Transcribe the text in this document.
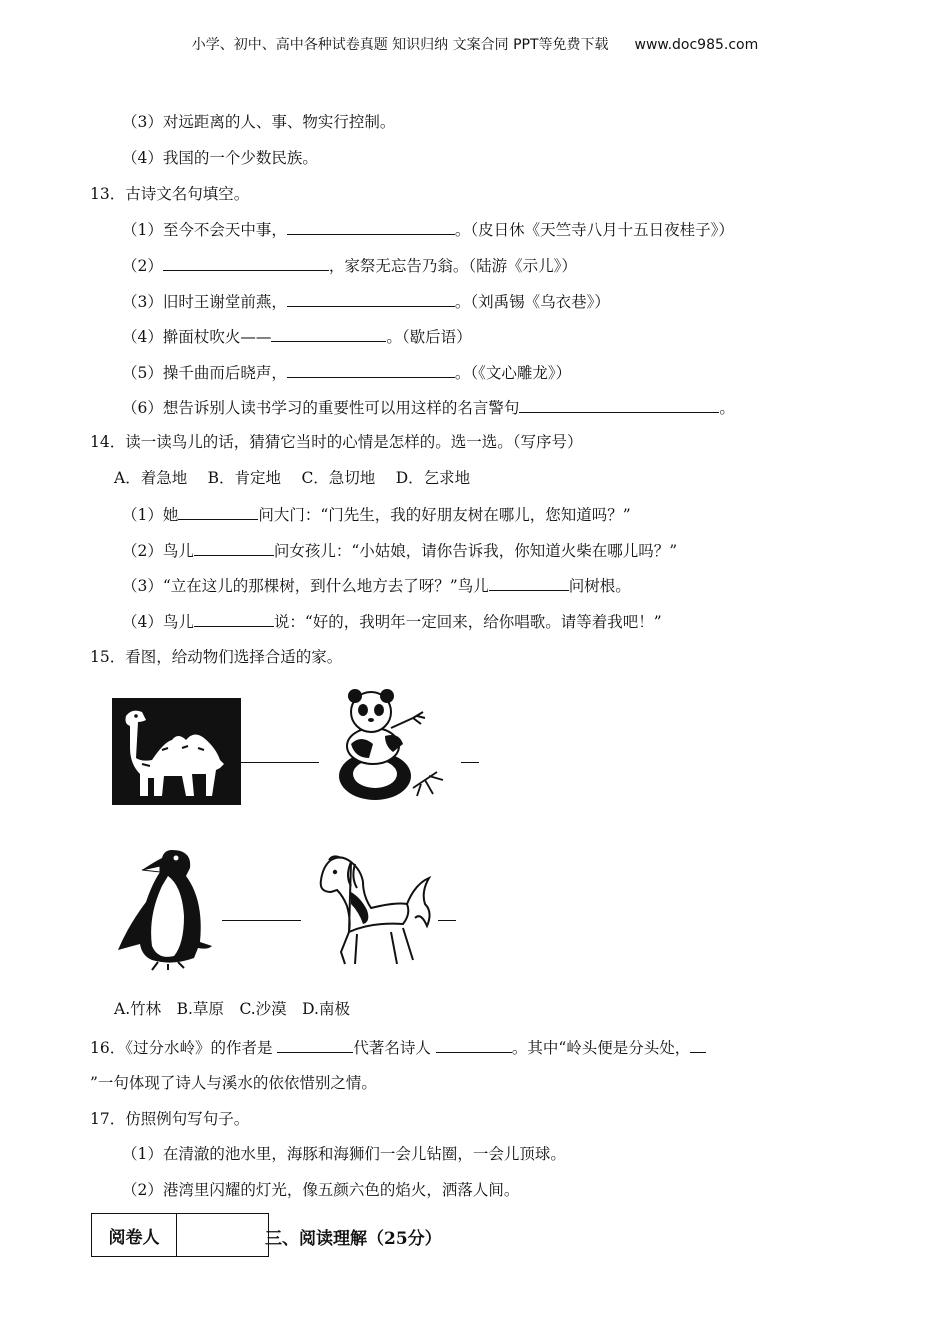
小学、初中、高中各种试卷真题 知识归纳 文案合同 PPT等免费下载 www.doc985.com
（3）对远距离的人、事、物实行控制。
（4）我国的一个少数民族。
13．古诗文名句填空。
（1）至今不会天中事，	。（皮日休《天竺寺八月十五日夜桂子》）
（2）	，家祭无忘告乃翁。（陆游《示儿》）
（3）旧时王谢堂前燕，	。（刘禹锡《乌衣巷》）
（4）擀面杖吹火——	。（歇后语）
（5）操千曲而后晓声，	。（《文心雕龙》）
（6）想告诉别人读书学习的重要性可以用这样的名言警句	。
14．读一读鸟儿的话，猜猜它当时的心情是怎样的。选一选。（写序号）
A．着急地　 B．肯定地　 C．急切地　 D．乞求地
（1）她	问大门：“门先生，我的好朋友树在哪儿，您知道吗？”
（2）鸟儿	问女孩儿：“小姑娘，请你告诉我，你知道火柴在哪儿吗？”
（3）“立在这儿的那棵树，到什么地方去了呀？”鸟儿	问树根。
（4）鸟儿	说：“好的，我明年一定回来，给你唱歌。请等着我吧！”
15．看图，给动物们选择合适的家。
A.竹林　B.草原　C.沙漠　D.南极
16．《过分水岭》的作者是	代著名诗人	。其中“岭头便是分头处，
”一句体现了诗人与溪水的依依惜别之情。
17．仿照例句写句子。
（1）在清澈的池水里，海豚和海狮们一会儿钻圈，一会儿顶球。
（2）港湾里闪耀的灯光，像五颜六色的焰火，洒落人间。
阅卷人		三、阅读理解（25分）
